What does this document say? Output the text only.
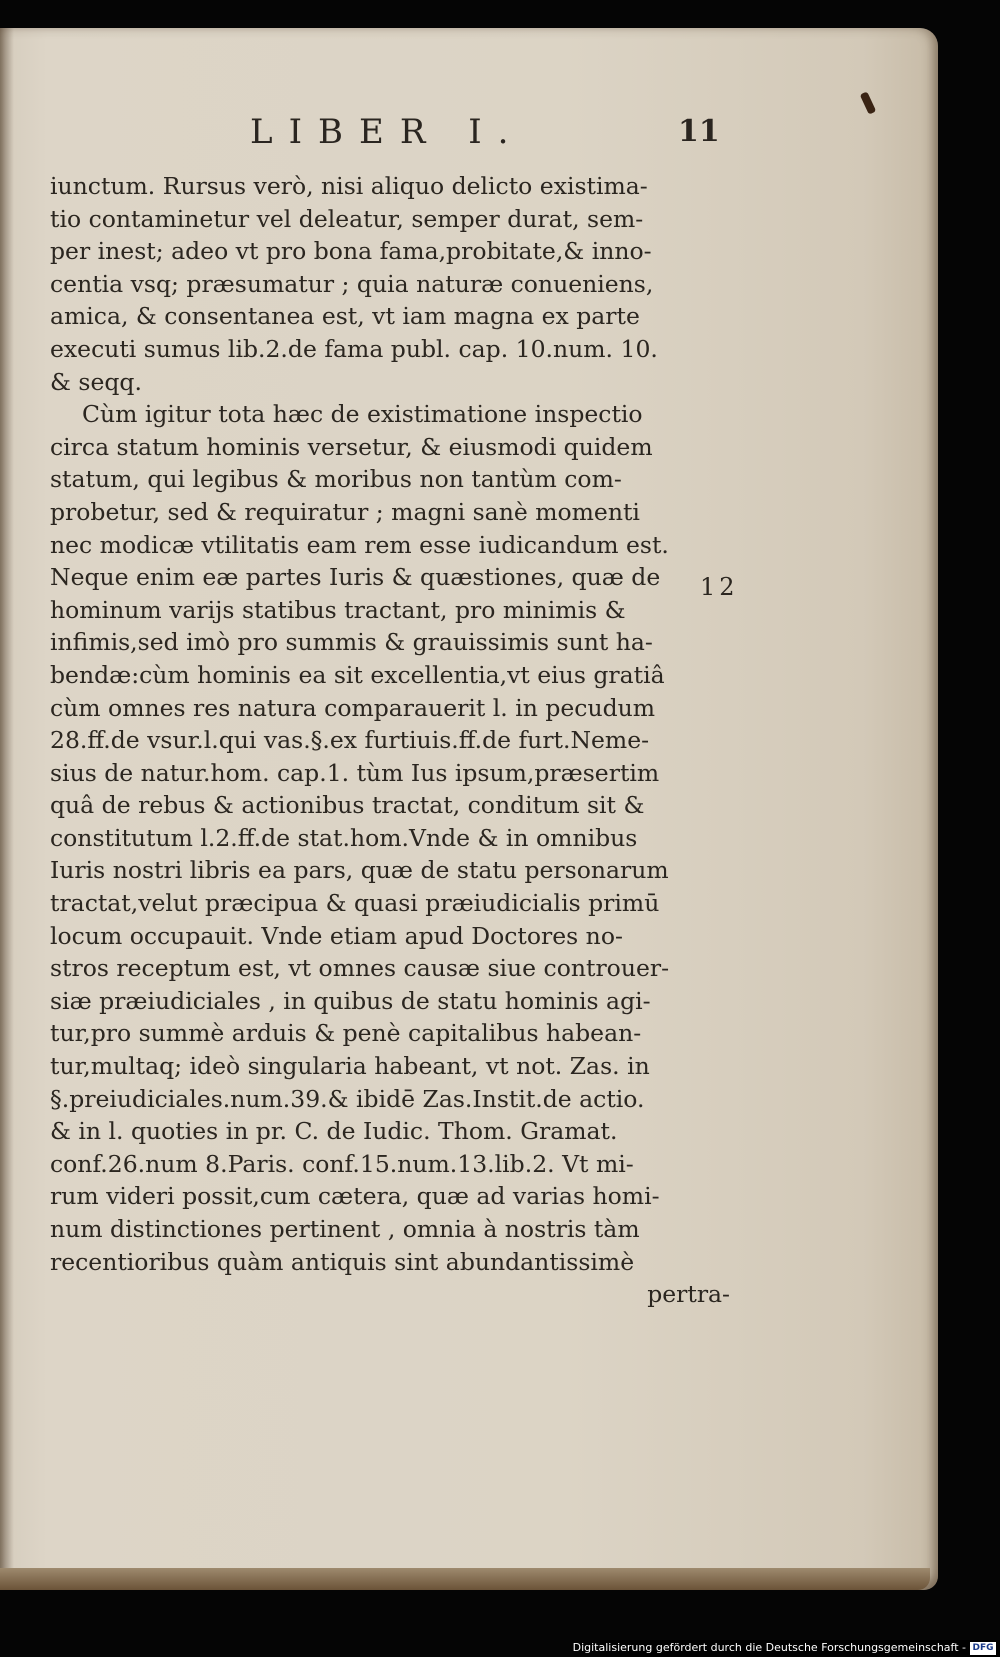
LIBER I.	11
12
iunctum. Rursus verò, nisi aliquo delicto existima-
tio contaminetur vel deleatur, semper durat, sem-
per inest; adeo vt pro bona fama,probitate,& inno-
centia vsq; præsumatur ; quia naturæ conueniens,
amica, & consentanea est, vt iam magna ex parte
executi sumus lib.2.de fama publ. cap. 10.num. 10.
& seqq.
Cùm igitur tota hæc de existimatione inspectio
circa statum hominis versetur, & eiusmodi quidem
statum, qui legibus & moribus non tantùm com-
probetur, sed & requiratur ; magni sanè momenti
nec modicæ vtilitatis eam rem esse iudicandum est.
Neque enim eæ partes Iuris & quæstiones, quæ de
hominum varijs statibus tractant, pro minimis &
infimis,sed imò pro summis & grauissimis sunt ha-
bendæ:cùm hominis ea sit excellentia,vt eius gratiâ
cùm omnes res natura comparauerit l. in pecudum
28.ff.de vsur.l.qui vas.§.ex furtiuis.ff.de furt.Neme-
sius de natur.hom. cap.1. tùm Ius ipsum,præsertim
quâ de rebus & actionibus tractat, conditum sit &
constitutum l.2.ff.de stat.hom.Vnde & in omnibus
Iuris nostri libris ea pars, quæ de statu personarum
tractat,velut præcipua & quasi præiudicialis primū
locum occupauit. Vnde etiam apud Doctores no-
stros receptum est, vt omnes causæ siue controuer-
siæ præiudiciales , in quibus de statu hominis agi-
tur,pro summè arduis & penè capitalibus habean-
tur,multaq; ideò singularia habeant, vt not. Zas. in
§.preiudiciales.num.39.& ibidē Zas.Instit.de actio.
& in l. quoties in pr. C. de Iudic. Thom. Gramat.
conf.26.num 8.Paris. conf.15.num.13.lib.2. Vt mi-
rum videri possit,cum cætera, quæ ad varias homi-
num distinctiones pertinent , omnia à nostris tàm
recentioribus quàm antiquis sint abundantissimè
pertra-
Digitalisierung gefördert durch die Deutsche Forschungsgemeinschaft - DFG
